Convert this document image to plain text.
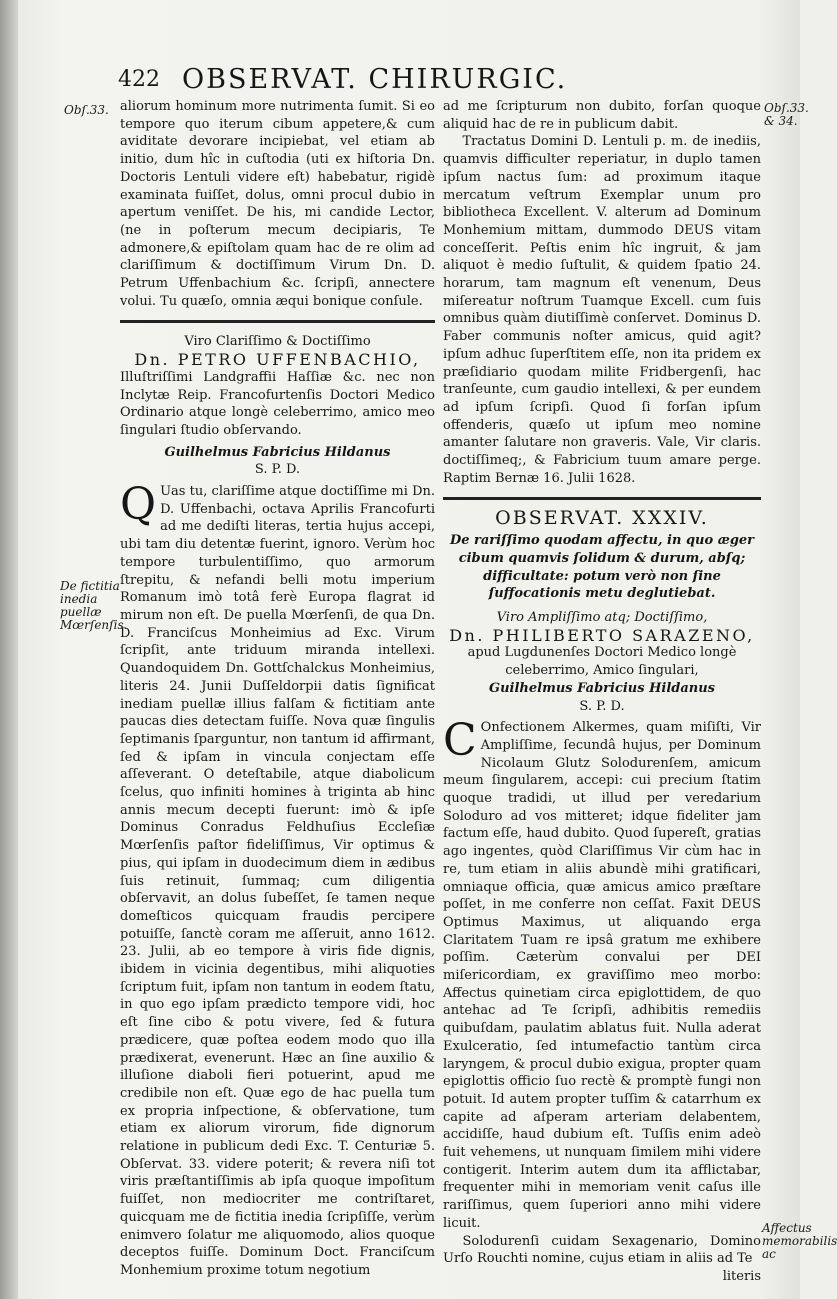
422 OBSERVAT. CHIRURGIC.
Obſ.33.	Obſ.33. & 34.
De fictitia inedia puellæ Mœrſenſis.
Affectus memorabilis ac

aliorum hominum more nutrimenta ſumit. Si eo tempore quo iterum cibum appetere,& cum aviditate devorare incipiebat, vel etiam ab initio, dum hîc in cuſtodia (uti ex hiſtoria Dn. Doctoris Lentuli videre eſt) habebatur, rigidè examinata fuiſſet, dolus, omni procul dubio in apertum veniſſet. De his, mi candide Lector, (ne in poſterum mecum decipiaris, Te admonere,& epiſtolam quam hac de re olim ad clariſſimum & doctiſſimum Virum Dn. D. Petrum Uffenbachium &c. ſcripſi, annectere volui. Tu quæſo, omnia æqui bonique conſule.

Viro Clariſſimo & Doctiſſimo

Dn. PETRO UFFENBACHIO,

Illuſtriſſimi Landgraffii Haſſiæ &c. nec non Inclytæ Reip. Francofurtenſis Doctori Medico Ordinario atque longè celeberrimo, amico meo ſingulari ſtudio obſervando.

Guilhelmus Fabricius Hildanus

S. P. D.

Q Uas tu, clariſſime atque doctiſſime mi Dn. D. Uffenbachi, octava Aprilis Francofurti ad me dediſti literas, tertia hujus accepi, ubi tam diu detentæ fuerint, ignoro. Verùm hoc tempore turbulentiſſimo, quo armorum ſtrepitu, & nefandi belli motu imperium Romanum imò totâ ferè Europa flagrat id mirum non eſt. De puella Mœrſenſi, de qua Dn. D. Franciſcus Monheimius ad Exc. Virum ſcripſit, ante triduum miranda intellexi. Quandoquidem Dn. Gottſchalckus Monheimius, literis 24. Junii Duſſeldorpii datis ſignificat inediam puellæ illius falſam & fictitiam ante paucas dies detectam fuiſſe. Nova quæ ſingulis ſeptimanis ſparguntur, non tantum id affirmant, ſed & ipſam in vincula conjectam eſſe aſſeverant. O deteſtabile, atque diabolicum ſcelus, quo infiniti homines à triginta ab hinc annis mecum decepti fuerunt: imò & ipſe Dominus Conradus Feldhuſius Eccleſiæ Mœrſenſis paſtor fideliſſimus, Vir optimus & pius, qui ipſam in duodecimum diem in ædibus ſuis retinuit, ſummaq; cum diligentia obſervavit, an dolus ſubeſſet, ſe tamen neque domeſticos quicquam fraudis percipere potuiſſe, ſanctè coram me aſſeruit, anno 1612. 23. Julii, ab eo tempore à viris fide dignis, ibidem in vicinia degentibus, mihi aliquoties ſcriptum fuit, ipſam non tantum in eodem ſtatu, in quo ego ipſam prædicto tempore vidi, hoc eſt ſine cibo & potu vivere, ſed & futura prædicere, quæ poſtea eodem modo quo illa prædixerat, evenerunt. Hæc an ſine auxilio & illuſione diaboli fieri potuerint, apud me credibile non eſt. Quæ ego de hac puella tum ex propria inſpectione, & obſervatione, tum etiam ex aliorum virorum, fide dignorum relatione in publicum dedi Exc. T. Centuriæ 5. Obſervat. 33. videre poterit; & revera niſi tot viris præſtantiſſimis ab ipſa quoque impoſitum fuiſſet, non mediocriter me contriſtaret, quicquam me de fictitia inedia ſcripſiſſe, verùm enimvero ſolatur me aliquomodo, alios quoque deceptos fuiſſe. Dominum Doct. Franciſcum Monhemium proxime totum negotium

ad me ſcripturum non dubito, forſan quoque aliquid hac de re in publicum dabit.

Tractatus Domini D. Lentuli p. m. de inediis, quamvis difficulter reperiatur, in duplo tamen ipſum nactus ſum: ad proximum itaque mercatum veſtrum Exemplar unum pro bibliotheca Excellent. V. alterum ad Dominum Monhemium mittam, dummodo DEUS vitam conceſſerit. Peſtis enim hîc ingruit, & jam aliquot è medio ſuſtulit, & quidem ſpatio 24. horarum, tam magnum eſt venenum, Deus miſereatur noſtrum Tuamque Excell. cum ſuis omnibus quàm diutiſſimè conſervet. Dominus D. Faber communis noſter amicus, quid agit? ipſum adhuc ſuperſtitem eſſe, non ita pridem ex præſidiario quodam milite Fridbergenſi, hac tranſeunte, cum gaudio intellexi, & per eundem ad ipſum ſcripſi. Quod ſi forſan ipſum offenderis, quæſo ut ipſum meo nomine amanter ſalutare non graveris. Vale, Vir claris. doctiſſimeq;, & Fabricium tuum amare perge. Raptim Bernæ 16. Julii 1628.

OBSERVAT. XXXIV.

De rariſſimo quodam affectu, in quo æger cibum quamvis ſolidum & durum, abſq; difficultate: potum verò non ſine ſuffocationis metu deglutiebat.

Viro Ampliſſimo atq; Doctiſſimo,

Dn. PHILIBERTO SARAZENO,

apud Lugdunenſes Doctori Medico longè celeberrimo, Amico ſingulari,

Guilhelmus Fabricius Hildanus

S. P. D.

C Onfectionem Alkermes, quam miſiſti, Vir Ampliſſime, ſecundâ hujus, per Dominum Nicolaum Glutz Solodurenſem, amicum meum ſingularem, accepi: cui precium ſtatim quoque tradidi, ut illud per veredarium Soloduro ad vos mitteret; idque fideliter jam factum eſſe, haud dubito. Quod ſupereſt, gratias ago ingentes, quòd Clariſſimus Vir cùm hac in re, tum etiam in aliis abundè mihi gratificari, omniaque officia, quæ amicus amico præſtare poſſet, in me conferre non ceſſat. Faxit DEUS Optimus Maximus, ut aliquando erga Claritatem Tuam re ipsâ gratum me exhibere poſſim. Cæterùm convalui per DEI miſericordiam, ex graviſſimo meo morbo: Affectus quinetiam circa epiglottidem, de quo antehac ad Te ſcripſi, adhibitis remediis quibuſdam, paulatim ablatus fuit. Nulla aderat Exulceratio, ſed intumefactio tantùm circa laryngem, & procul dubio exigua, propter quam epiglottis officio ſuo rectè & promptè fungi non potuit. Id autem propter tuſſim & catarrhum ex capite ad aſperam arteriam delabentem, accidiſſe, haud dubium eſt. Tuſſis enim adeò fuit vehemens, ut nunquam ſimilem mihi videre contigerit. Interim autem dum ita afflictabar, frequenter mihi in memoriam venit caſus ille rariſſimus, quem ſuperiori anno mihi videre licuit.

Solodurenſi cuidam Sexagenario, Domino Urſo Rouchti nomine, cujus etiam in aliis ad Te

literis
